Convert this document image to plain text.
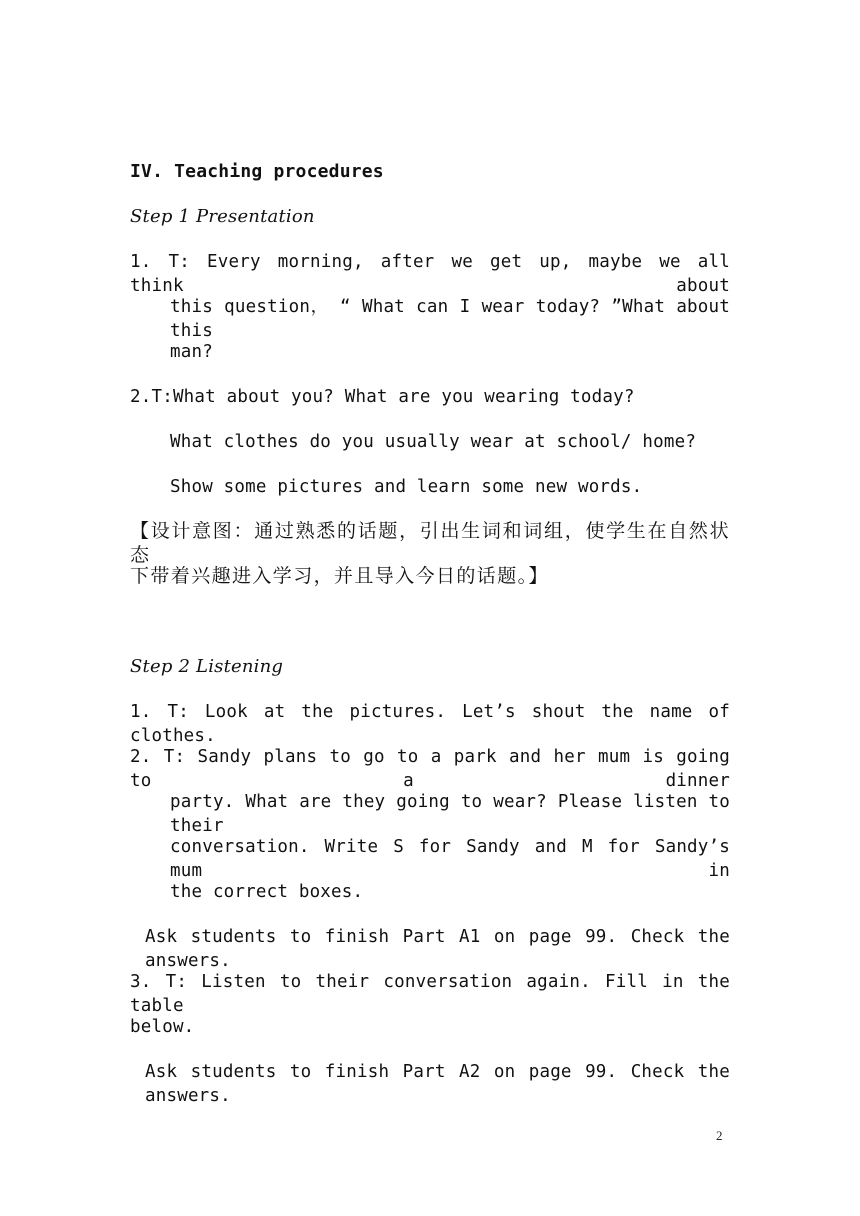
IV. Teaching procedures
Step 1 Presentation
1. T: Every morning, after we get up, maybe we all think about
this question， “ What can I wear today? ”What about this
man?
2.T:What about you? What are you wearing today?
What clothes do you usually wear at school/ home?
Show some pictures and learn some new words.
【设计意图：通过熟悉的话题，引出生词和词组，使学生在自然状态
下带着兴趣进入学习，并且导入今日的话题。】
Step 2 Listening
1. T: Look at the pictures. Let’s shout the name of clothes.
2. T: Sandy plans to go to a park and her mum is going to a dinner
party. What are they going to wear? Please listen to their
conversation. Write S for Sandy and M for Sandy’s mum in
the correct boxes.
Ask students to finish Part A1 on page 99. Check the answers.
3. T: Listen to their conversation again. Fill in the table
below.
Ask students to finish Part A2 on page 99. Check the answers.
2
